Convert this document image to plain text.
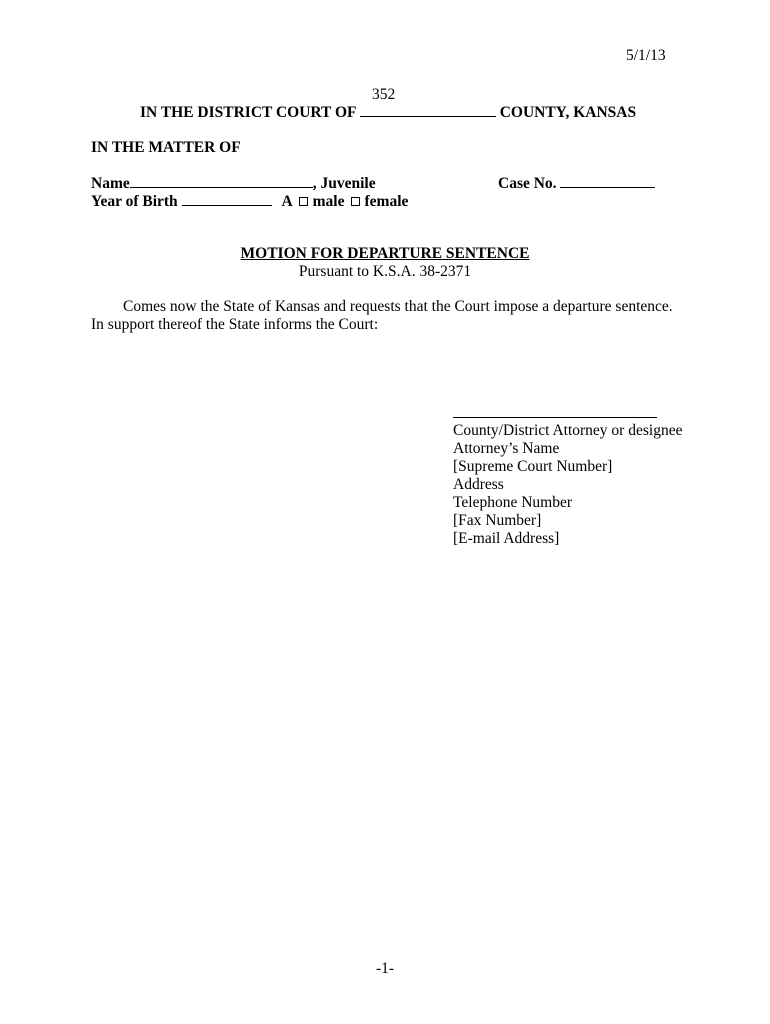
5/1/13
352
IN THE DISTRICT COURT OF	COUNTY, KANSAS
IN THE MATTER OF
Name	, Juvenile	Case No.
Year of Birth	A male female
MOTION FOR DEPARTURE SENTENCE
Pursuant to K.S.A. 38-2371
Comes now the State of Kansas and requests that the Court impose a departure sentence.
In support thereof the State informs the Court:
County/District Attorney or designee
Attorney’s Name
[Supreme Court Number]
Address
Telephone Number
[Fax Number]
[E-mail Address]
-1-
